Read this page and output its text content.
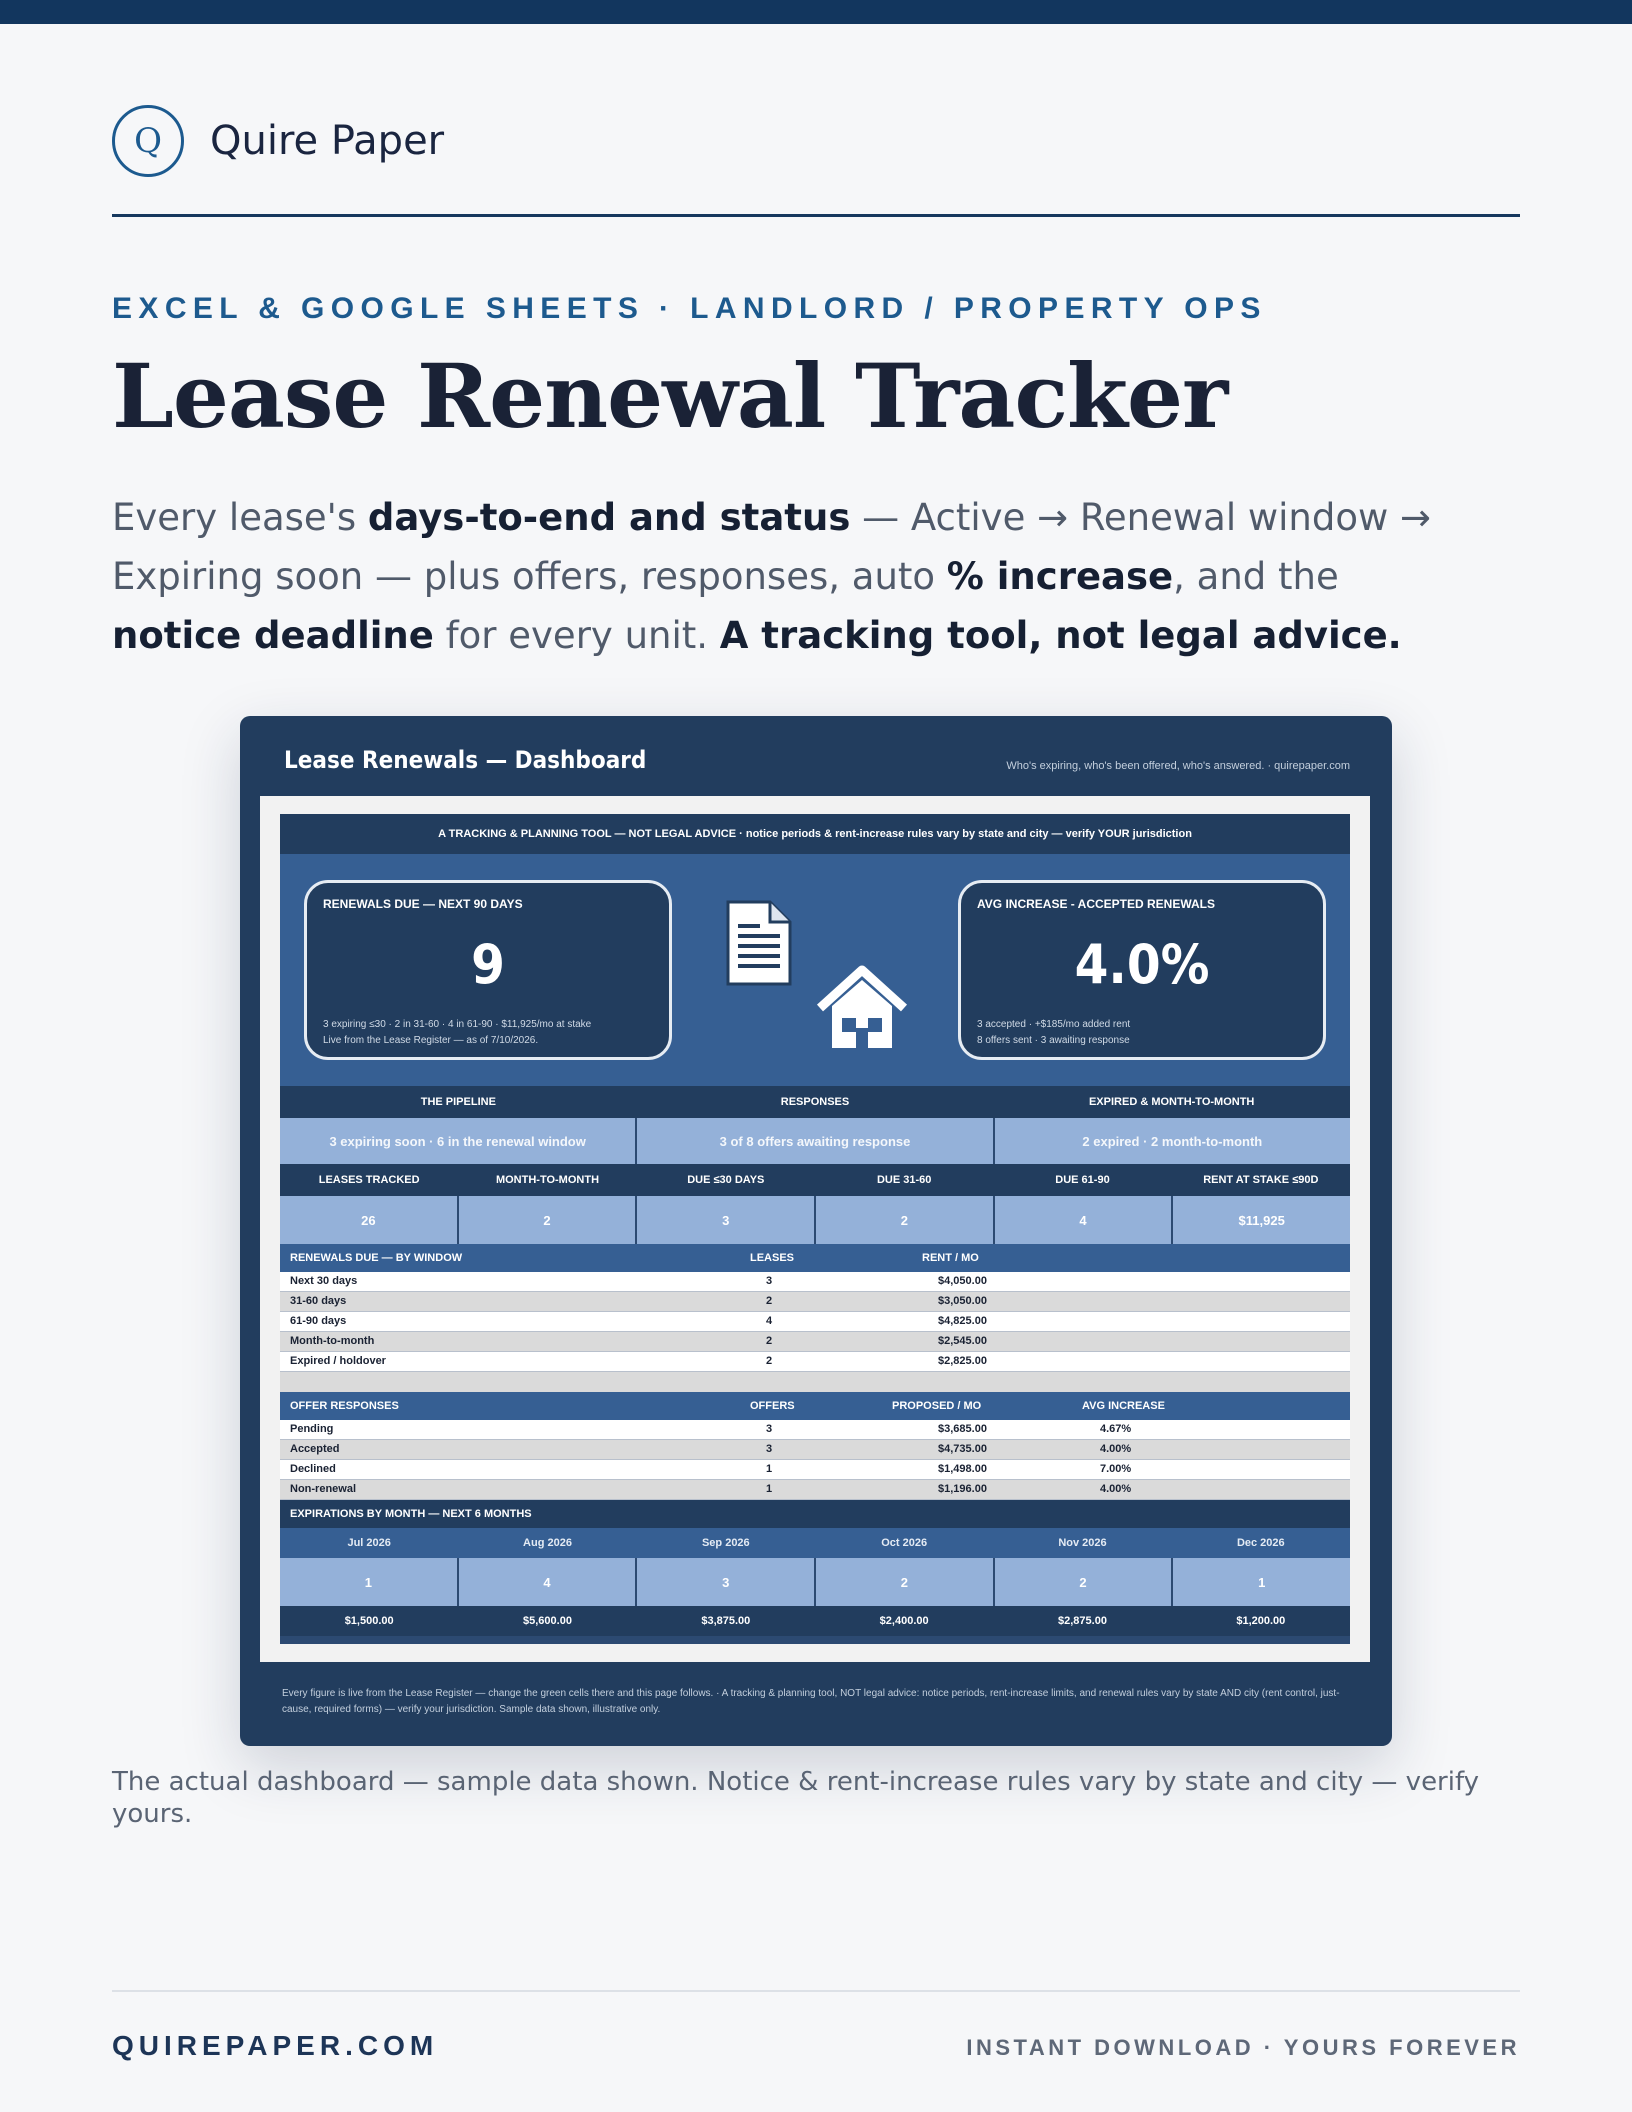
Q	Quire Paper
EXCEL & GOOGLE SHEETS · LANDLORD / PROPERTY OPS
Lease Renewal Tracker

Every lease's days-to-end and status — Active → Renewal window → Expiring soon — plus offers, responses, auto % increase, and the notice deadline for every unit. A tracking tool, not legal advice.

Lease Renewals — Dashboard	Who's expiring, who's been offered, who's answered. · quirepaper.com
A TRACKING & PLANNING TOOL — NOT LEGAL ADVICE · notice periods & rent-increase rules vary by state and city — verify YOUR jurisdiction
RENEWALS DUE — NEXT 90 DAYS
9
3 expiring ≤30 · 2 in 31-60 · 4 in 61-90 · $11,925/mo at stake
Live from the Lease Register — as of 7/10/2026.
AVG INCREASE - ACCEPTED RENEWALS
4.0%
3 accepted · +$185/mo added rent
8 offers sent · 3 awaiting response
THE PIPELINE	RESPONSES	EXPIRED & MONTH-TO-MONTH
3 expiring soon · 6 in the renewal window	3 of 8 offers awaiting response	2 expired · 2 month-to-month
LEASES TRACKED	MONTH-TO-MONTH	DUE ≤30 DAYS	DUE 31-60	DUE 61-90	RENT AT STAKE ≤90D
26	2	3	2	4	$11,925
RENEWALS DUE — BY WINDOW	LEASES	RENT / MO
Next 30 days	3	$4,050.00
31-60 days	2	$3,050.00
61-90 days	4	$4,825.00
Month-to-month	2	$2,545.00
Expired / holdover	2	$2,825.00
OFFER RESPONSES	OFFERS	PROPOSED / MO	AVG INCREASE
Pending	3	$3,685.00	4.67%
Accepted	3	$4,735.00	4.00%
Declined	1	$1,498.00	7.00%
Non-renewal	1	$1,196.00	4.00%
EXPIRATIONS BY MONTH — NEXT 6 MONTHS
Jul 2026	Aug 2026	Sep 2026	Oct 2026	Nov 2026	Dec 2026
1	4	3	2	2	1
$1,500.00	$5,600.00	$3,875.00	$2,400.00	$2,875.00	$1,200.00
Every figure is live from the Lease Register — change the green cells there and this page follows. · A tracking & planning tool, NOT legal advice: notice periods, rent-increase limits, and renewal rules vary by state AND city (rent control, just-cause, required forms) — verify your jurisdiction. Sample data shown, illustrative only.

The actual dashboard — sample data shown. Notice & rent-increase rules vary by state and city — verify yours.

QUIREPAPER.COM	INSTANT DOWNLOAD · YOURS FOREVER
